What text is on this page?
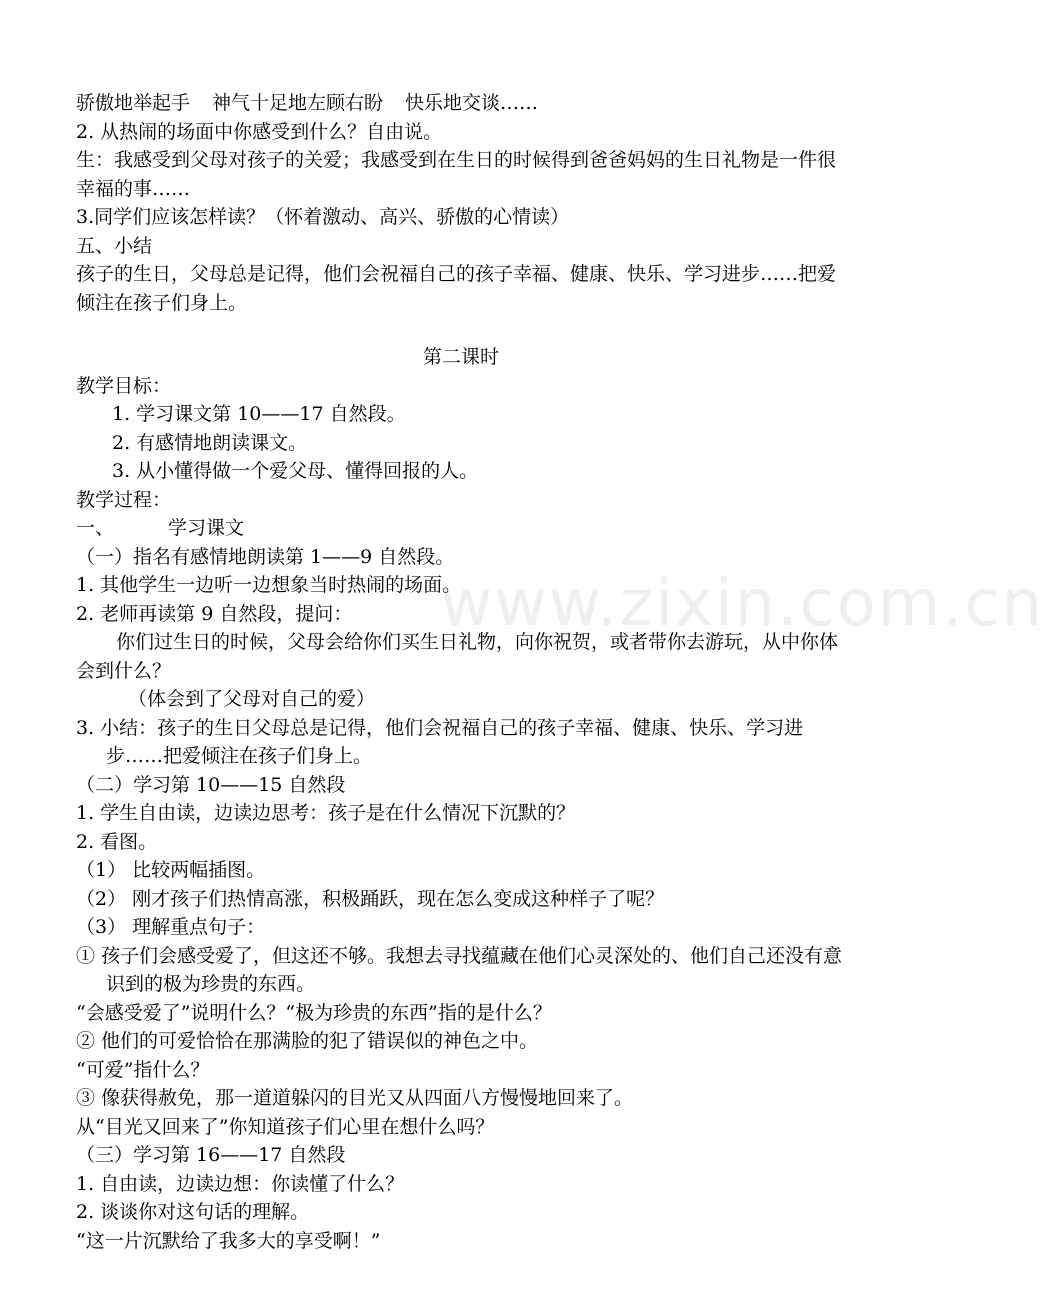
www.zixin.com.cn
骄傲地举起手 神气十足地左顾右盼 快乐地交谈……
2. 从热闹的场面中你感受到什么？自由说。
生：我感受到父母对孩子的关爱；我感受到在生日的时候得到爸爸妈妈的生日礼物是一件很幸福的事……
3.同学们应该怎样读？（怀着激动、高兴、骄傲的心情读）
五、小结
孩子的生日，父母总是记得，他们会祝福自己的孩子幸福、健康、快乐、学习进步……把爱倾注在孩子们身上。
第二课时
教学目标：
1. 学习课文第 10——17 自然段。
2. 有感情地朗读课文。
3. 从小懂得做一个爱父母、懂得回报的人。
教学过程：
一、	学习课文
（一）指名有感情地朗读第 1——9 自然段。
1. 其他学生一边听一边想象当时热闹的场面。
2. 老师再读第 9 自然段，提问：
你们过生日的时候，父母会给你们买生日礼物，向你祝贺，或者带你去游玩，从中你体会到什么？
（体会到了父母对自己的爱）
3. 小结：孩子的生日父母总是记得，他们会祝福自己的孩子幸福、健康、快乐、学习进步……把爱倾注在孩子们身上。
（二）学习第 10——15 自然段
1. 学生自由读，边读边思考：孩子是在什么情况下沉默的？
2. 看图。
（1） 比较两幅插图。
（2） 刚才孩子们热情高涨，积极踊跃，现在怎么变成这种样子了呢？
（3） 理解重点句子：
① 孩子们会感受爱了，但这还不够。我想去寻找蕴藏在他们心灵深处的、他们自己还没有意识到的极为珍贵的东西。
“会感受爱了”说明什么？“极为珍贵的东西”指的是什么？
② 他们的可爱恰恰在那满脸的犯了错误似的神色之中。
“可爱”指什么？
③ 像获得赦免，那一道道躲闪的目光又从四面八方慢慢地回来了。
从“目光又回来了”你知道孩子们心里在想什么吗？
（三）学习第 16——17 自然段
1. 自由读，边读边想：你读懂了什么？
2. 谈谈你对这句话的理解。
“这一片沉默给了我多大的享受啊！”
